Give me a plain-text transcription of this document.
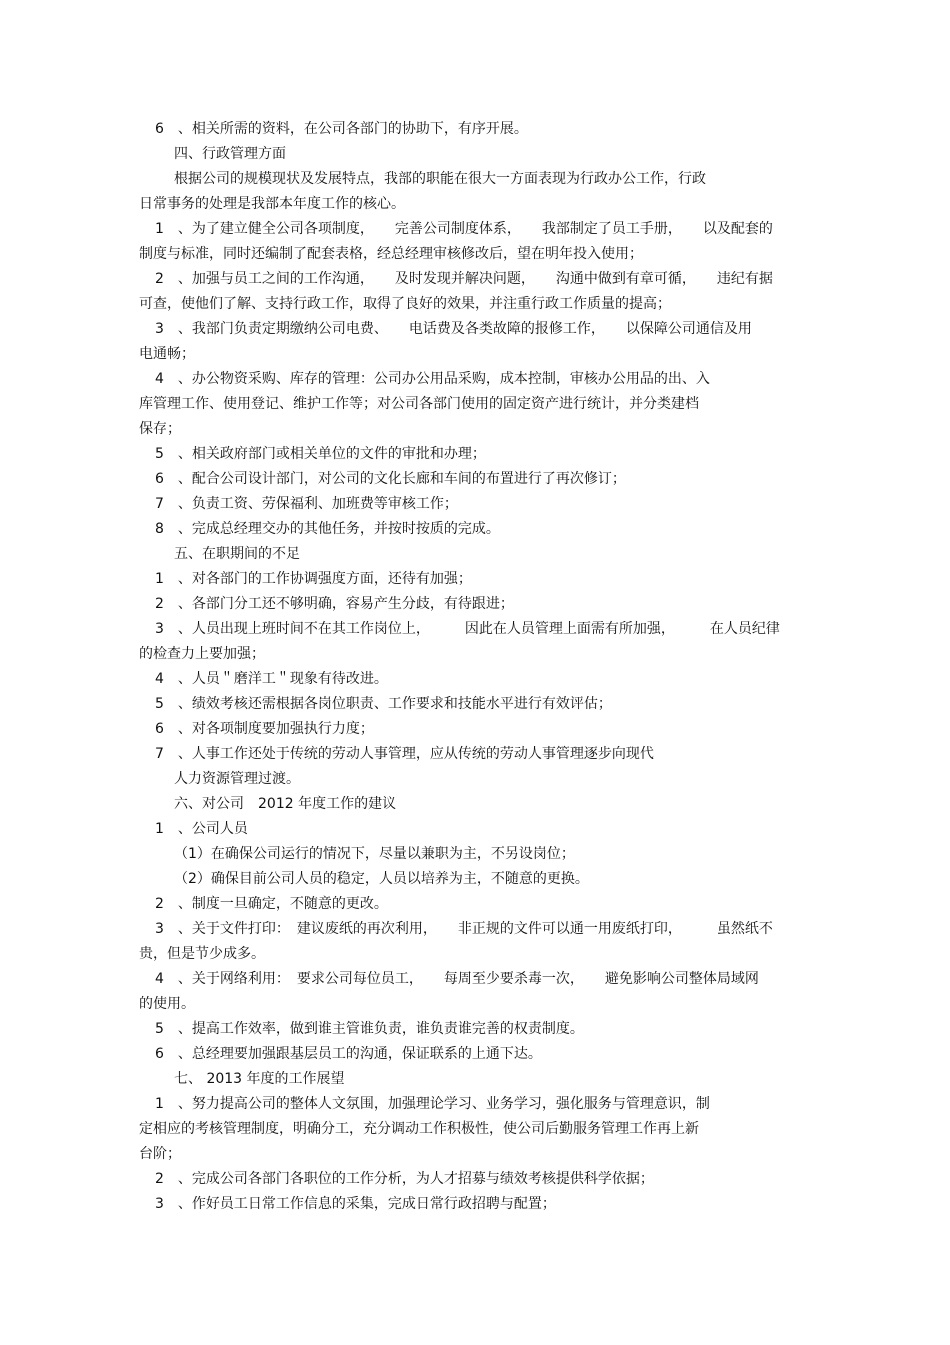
6　、相关所需的资料，在公司各部门的协助下，有序开展。
四、行政管理方面
根据公司的规模现状及发展特点，我部的职能在很大一方面表现为行政办公工作，行政
日常事务的处理是我部本年度工作的核心。
1　、为了建立健全公司各项制度，　　完善公司制度体系，　　我部制定了员工手册，　　以及配套的
制度与标准，同时还编制了配套表格，经总经理审核修改后，望在明年投入使用；
2　、加强与员工之间的工作沟通，　　及时发现并解决问题，　　沟通中做到有章可循，　　违纪有据
可查，使他们了解、支持行政工作，取得了良好的效果，并注重行政工作质量的提高；
3　、我部门负责定期缴纳公司电费、　　电话费及各类故障的报修工作，　　以保障公司通信及用
电通畅；
4　、办公物资采购、库存的管理：公司办公用品采购，成本控制，审核办公用品的出、入
库管理工作、使用登记、维护工作等；对公司各部门使用的固定资产进行统计，并分类建档
保存；
5　、相关政府部门或相关单位的文件的审批和办理；
6　、配合公司设计部门，对公司的文化长廊和车间的布置进行了再次修订；
7　、负责工资、劳保福利、加班费等审核工作；
8　、完成总经理交办的其他任务，并按时按质的完成。
五、在职期间的不足
1　、对各部门的工作协调强度方面，还待有加强；
2　、各部门分工还不够明确，容易产生分歧，有待跟进；
3　、人员出现上班时间不在其工作岗位上，　　　因此在人员管理上面需有所加强，　　　在人员纪律
的检查力上要加强；
4　、人员＂磨洋工＂现象有待改进。
5　、绩效考核还需根据各岗位职责、工作要求和技能水平进行有效评估；
6　、对各项制度要加强执行力度；
7　、人事工作还处于传统的劳动人事管理，应从传统的劳动人事管理逐步向现代
人力资源管理过渡。
六、对公司　2012 年度工作的建议
1　、公司人员
（1）在确保公司运行的情况下，尽量以兼职为主，不另设岗位；
（2）确保目前公司人员的稳定，人员以培养为主，不随意的更换。
2　、制度一旦确定，不随意的更改。
3　、关于文件打印：　建议废纸的再次利用，　　非正规的文件可以通一用废纸打印，　　　虽然纸不
贵，但是节少成多。
4　、关于网络利用：　要求公司每位员工，　　每周至少要杀毒一次，　　避免影响公司整体局域网
的使用。
5　、提高工作效率，做到谁主管谁负责，谁负责谁完善的权责制度。
6　、总经理要加强跟基层员工的沟通，保证联系的上通下达。
七、 2013 年度的工作展望
1　、努力提高公司的整体人文氛围，加强理论学习、业务学习，强化服务与管理意识，制
定相应的考核管理制度，明确分工，充分调动工作积极性，使公司后勤服务管理工作再上新
台阶；
2　、完成公司各部门各职位的工作分析，为人才招募与绩效考核提供科学依据；
3　、作好员工日常工作信息的采集，完成日常行政招聘与配置；
